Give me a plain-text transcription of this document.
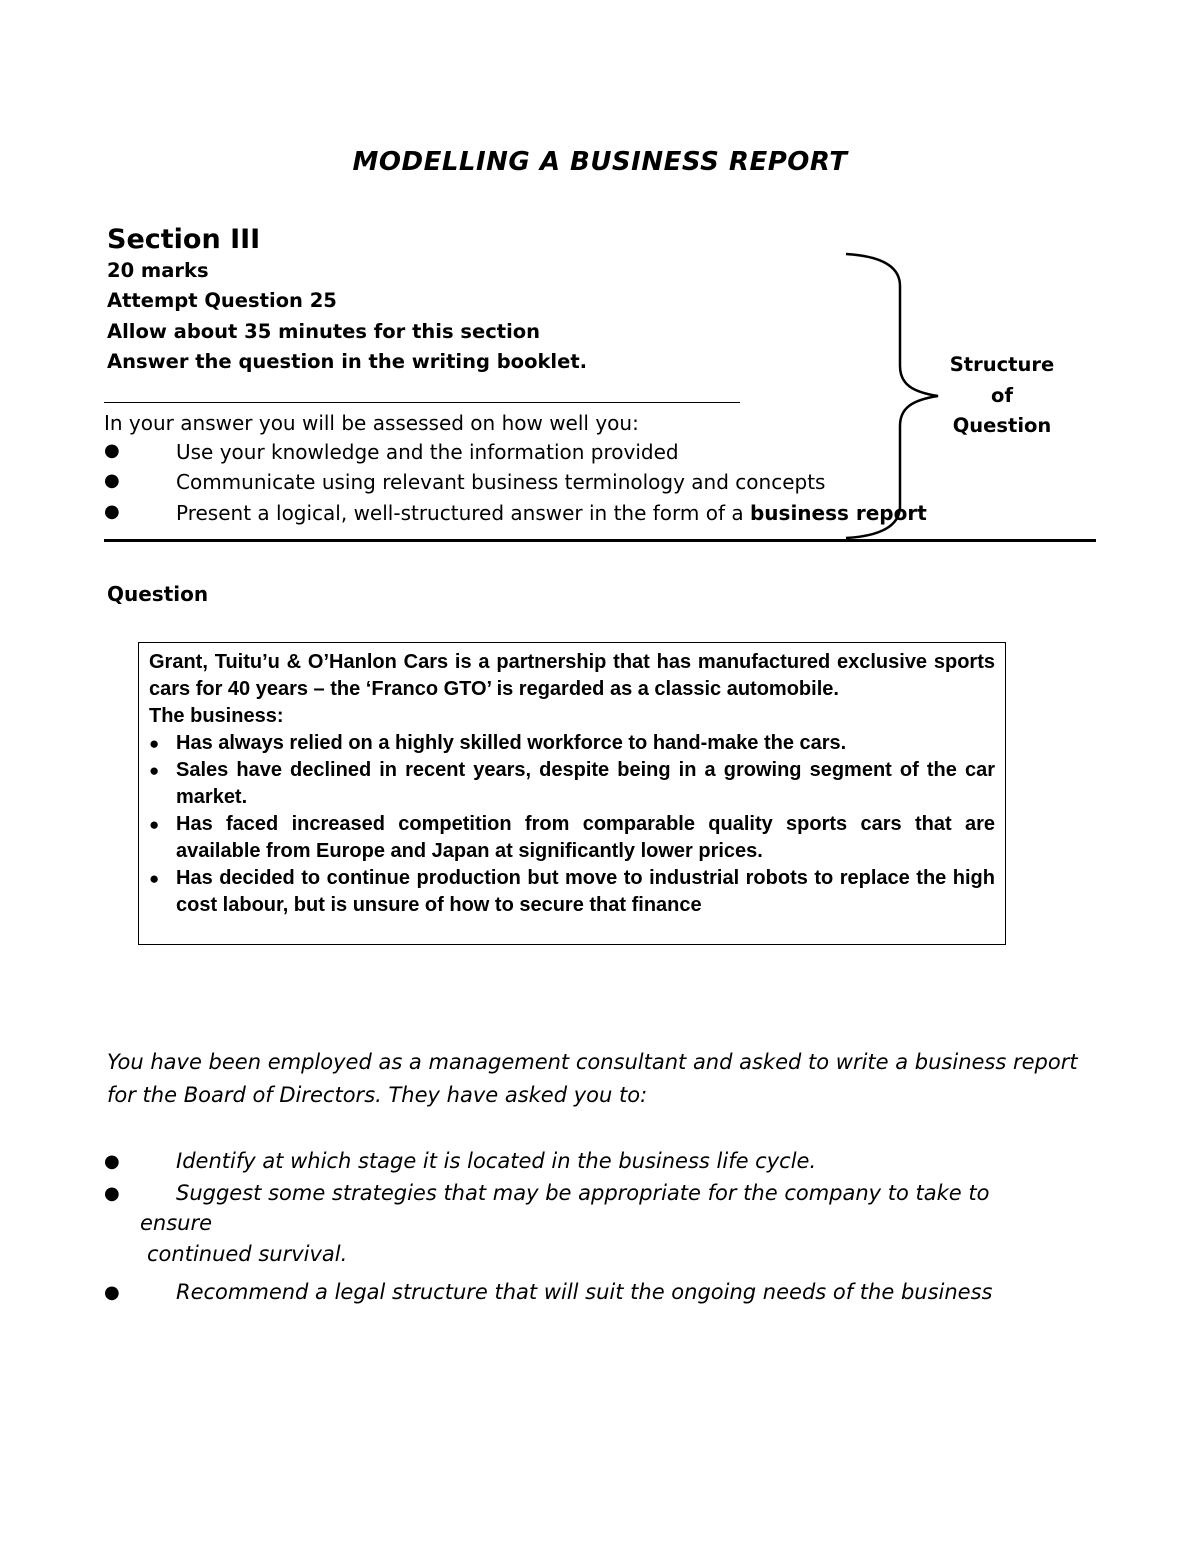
MODELLING A BUSINESS REPORT
Section III
20 marks
Attempt Question 25
Allow about 35 minutes for this section
Answer the question in the writing booklet.
In your answer you will be assessed on how well you:
●	Use your knowledge and the information provided
●	Communicate using relevant business terminology and concepts
●	Present a logical, well-structured answer in the form of a business report
Structure
of
Question
Question
Grant, Tuitu’u & O’Hanlon Cars is a partnership that has manufactured exclusive sports cars for 40 years – the ‘Franco GTO’ is regarded as a classic automobile.
The business:
● Has always relied on a highly skilled workforce to hand-make the cars.
● Sales have declined in recent years, despite being in a growing segment of the car market.
● Has faced increased competition from comparable quality sports cars that are available from Europe and Japan at significantly lower prices.
● Has decided to continue production but move to industrial robots to replace the high cost labour, but is unsure of how to secure that finance
You have been employed as a management consultant and asked to write a business report for the Board of Directors. They have asked you to:
●	Identify at which stage it is located in the business life cycle.
●	Suggest some strategies that may be appropriate for the company to take to
ensure
continued survival.
●	Recommend a legal structure that will suit the ongoing needs of the business
